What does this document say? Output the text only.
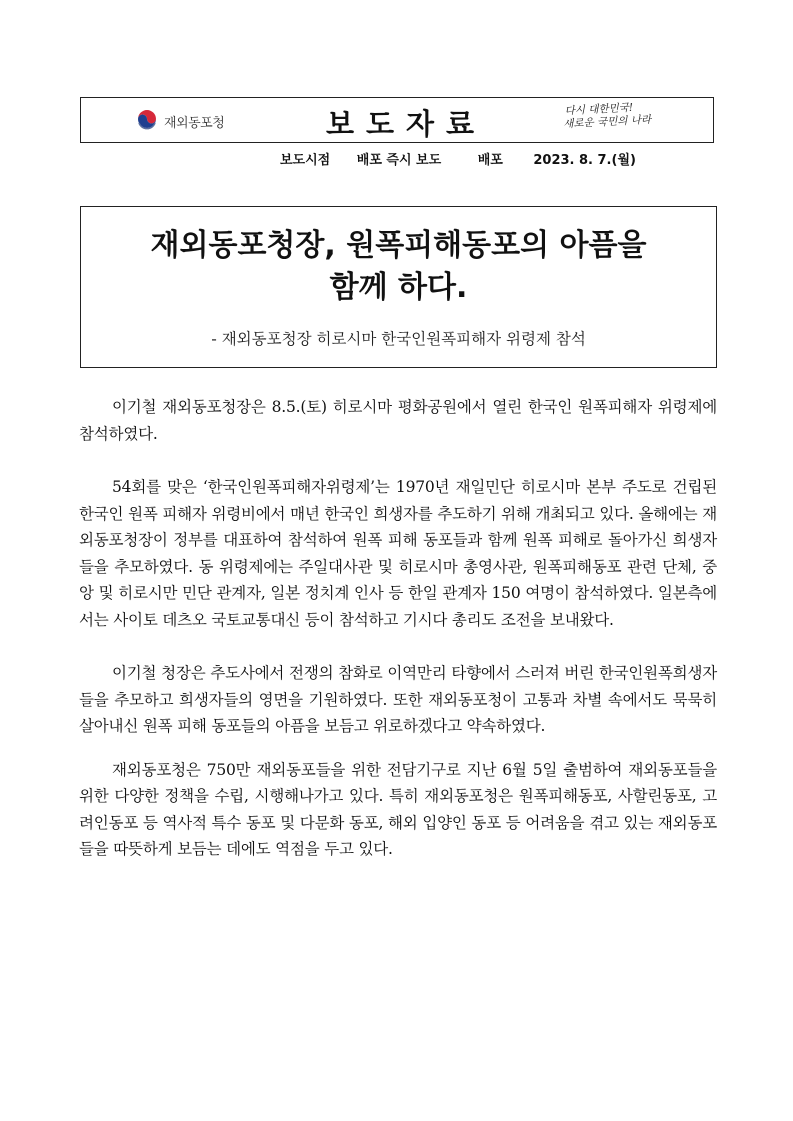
재외동포청	보도자료	다시 대한민국!
새로운 국민의 나라
보도시점 배포 즉시 보도	배포 2023. 8. 7.(월)
재외동포청장, 원폭피해동포의 아픔을
함께 하다.
- 재외동포청장 히로시마 한국인원폭피해자 위령제 참석

이기철 재외동포청장은 8.5.(토) 히로시마 평화공원에서 열린 한국인 원폭피해자 위령제에 참석하였다.

54회를 맞은 ‘한국인원폭피해자위령제’는 1970년 재일민단 히로시마 본부 주도로 건립된 한국인 원폭 피해자 위령비에서 매년 한국인 희생자를 추도하기 위해 개최되고 있다. 올해에는 재외동포청장이 정부를 대표하여 참석하여 원폭 피해 동포들과 함께 원폭 피해로 돌아가신 희생자들을 추모하였다. 동 위령제에는 주일대사관 및 히로시마 총영사관, 원폭피해동포 관련 단체, 중앙 및 히로시만 민단 관계자, 일본 정치계 인사 등 한일 관계자 150 여명이 참석하였다. 일본측에서는 사이토 데츠오 국토교통대신 등이 참석하고 기시다 총리도 조전을 보내왔다.

이기철 청장은 추도사에서 전쟁의 참화로 이역만리 타향에서 스러져 버린 한국인원폭희생자들을 추모하고 희생자들의 영면을 기원하였다. 또한 재외동포청이 고통과 차별 속에서도 묵묵히 살아내신 원폭 피해 동포들의 아픔을 보듬고 위로하겠다고 약속하였다.

재외동포청은 750만 재외동포들을 위한 전담기구로 지난 6월 5일 출범하여 재외동포들을 위한 다양한 정책을 수립, 시행해나가고 있다. 특히 재외동포청은 원폭피해동포, 사할린동포, 고려인동포 등 역사적 특수 동포 및 다문화 동포, 해외 입양인 동포 등 어려움을 겪고 있는 재외동포들을 따뜻하게 보듬는 데에도 역점을 두고 있다.
